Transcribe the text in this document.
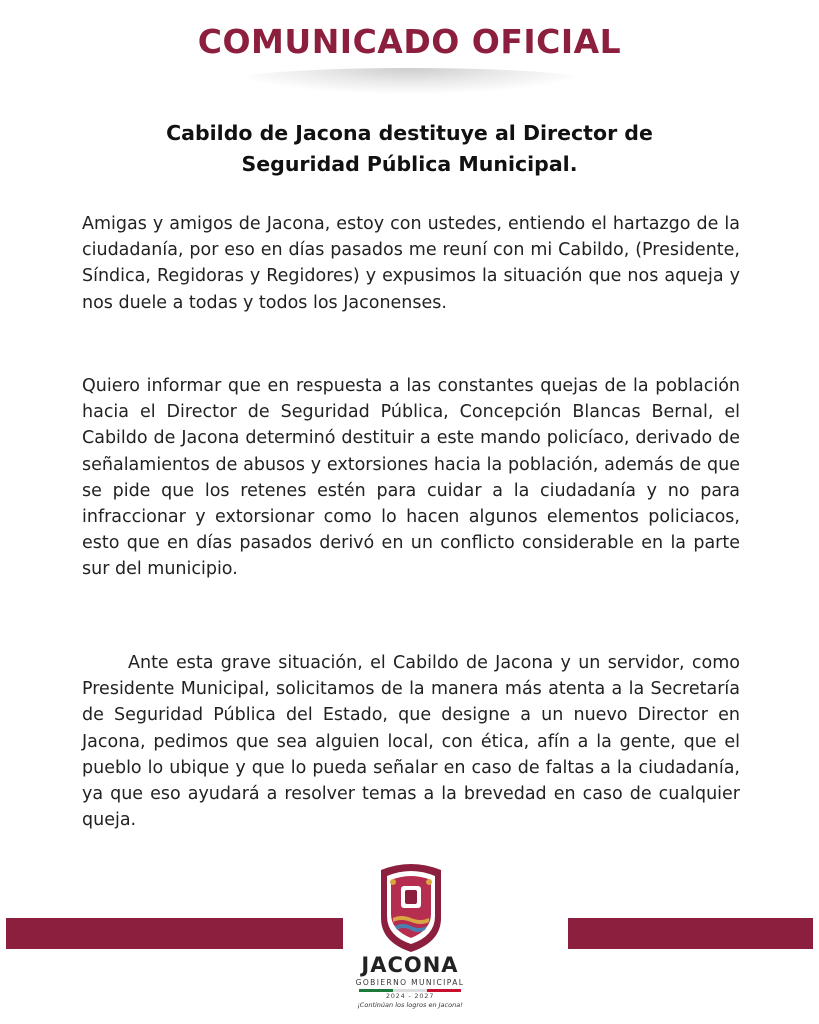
COMUNICADO OFICIAL
Cabildo de Jacona destituye al Director de
Seguridad Pública Municipal.

Amigas y amigos de Jacona, estoy con ustedes, entiendo el hartazgo de la ciudadanía, por eso en días pasados me reuní con mi Cabildo, (Presidente, Síndica, Regidoras y Regidores) y expusimos la situación que nos aqueja y nos duele a todas y todos los Jaconenses.

Quiero informar que en respuesta a las constantes quejas de la población hacia el Director de Seguridad Pública, Concepción Blancas Bernal, el Cabildo de Jacona determinó destituir a este mando policíaco, derivado de señalamientos de abusos y extorsiones hacia la población, además de que se pide que los retenes estén para cuidar a la ciudadanía y no para infraccionar y extorsionar como lo hacen algunos elementos policiacos, esto que en días pasados derivó en un conflicto considerable en la parte sur del municipio.

Ante esta grave situación, el Cabildo de Jacona y un servidor, como Presidente Municipal, solicitamos de la manera más atenta a la Secretaría de Seguridad Pública del Estado, que designe a un nuevo Director en Jacona, pedimos que sea alguien local, con ética, afín a la gente, que el pueblo lo ubique y que lo pueda señalar en caso de faltas a la ciudadanía, ya que eso ayudará a resolver temas a la brevedad en caso de cualquier queja.

JACONA
GOBIERNO MUNICIPAL
2024 - 2027
¡Continúan los logros en Jacona!
